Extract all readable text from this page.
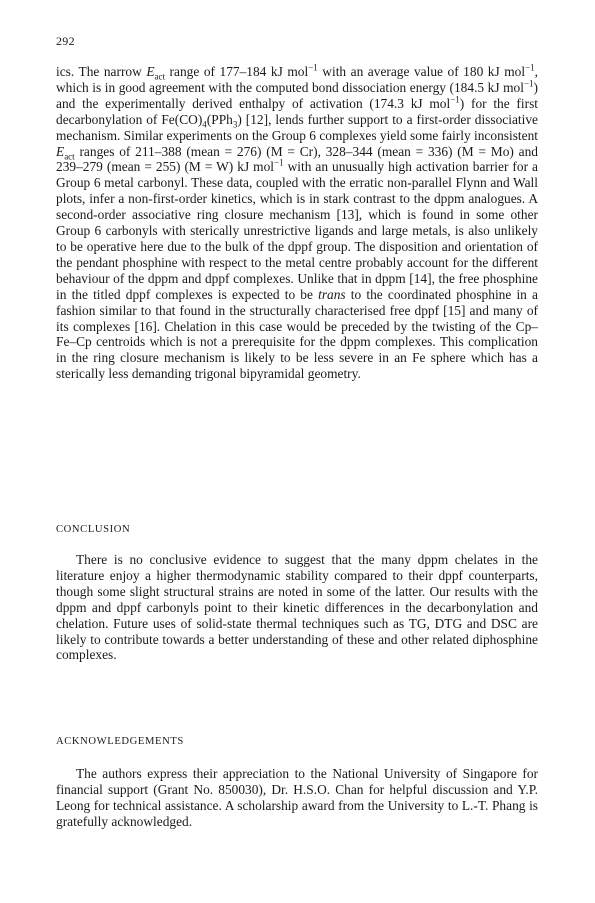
292

ics. The narrow $E_{act}$ range of 177–184 kJ mol$^{-1}$ with an average value of 180 kJ mol$^{-1}$, which is in good agreement with the computed bond dissociation energy (184.5 kJ mol$^{-1}$) and the experimentally derived enthalpy of activation (174.3 kJ mol$^{-1}$) for the first decarbonylation of $Fe(CO)_4(PPh_3)$ [12], lends further support to a first-order dissociative mechanism. Similar experiments on the Group 6 complexes yield some fairly inconsistent $E_{act}$ ranges of 211–388 (mean = 276) (M = Cr), 328–344 (mean = 336) (M = Mo) and 239–279 (mean = 255) (M = W) kJ mol$^{-1}$ with an unusually high activation barrier for a Group 6 metal carbonyl. These data, coupled with the erratic non-parallel Flynn and Wall plots, infer a non-first-order kinetics, which is in stark contrast to the dppm analogues. A second-order associative ring closure mechanism [13], which is found in some other Group 6 carbonyls with sterically unrestrictive ligands and large metals, is also unlikely to be operative here due to the bulk of the dppf group. The disposition and orientation of the pendant phosphine with respect to the metal centre probably account for the different behaviour of the dppm and dppf complexes. Unlike that in dppm [14], the free phosphine in the titled dppf complexes is expected to be trans to the coordinated phosphine in a fashion similar to that found in the structurally characterised free dppf [15] and many of its complexes [16]. Chelation in this case would be preceded by the twisting of the Cp–Fe–Cp centroids which is not a prerequisite for the dppm complexes. This complication in the ring closure mechanism is likely to be less severe in an Fe sphere which has a sterically less demanding trigonal bipyramidal geometry.

CONCLUSION

There is no conclusive evidence to suggest that the many dppm chelates in the literature enjoy a higher thermodynamic stability compared to their dppf counterparts, though some slight structural strains are noted in some of the latter. Our results with the dppm and dppf carbonyls point to their kinetic differences in the decarbonylation and chelation. Future uses of solid-state thermal techniques such as TG, DTG and DSC are likely to contribute towards a better understanding of these and other related diphosphine complexes.

ACKNOWLEDGEMENTS

The authors express their appreciation to the National University of Singapore for financial support (Grant No. 850030), Dr. H.S.O. Chan for helpful discussion and Y.P. Leong for technical assistance. A scholarship award from the University to L.-T. Phang is gratefully acknowledged.
